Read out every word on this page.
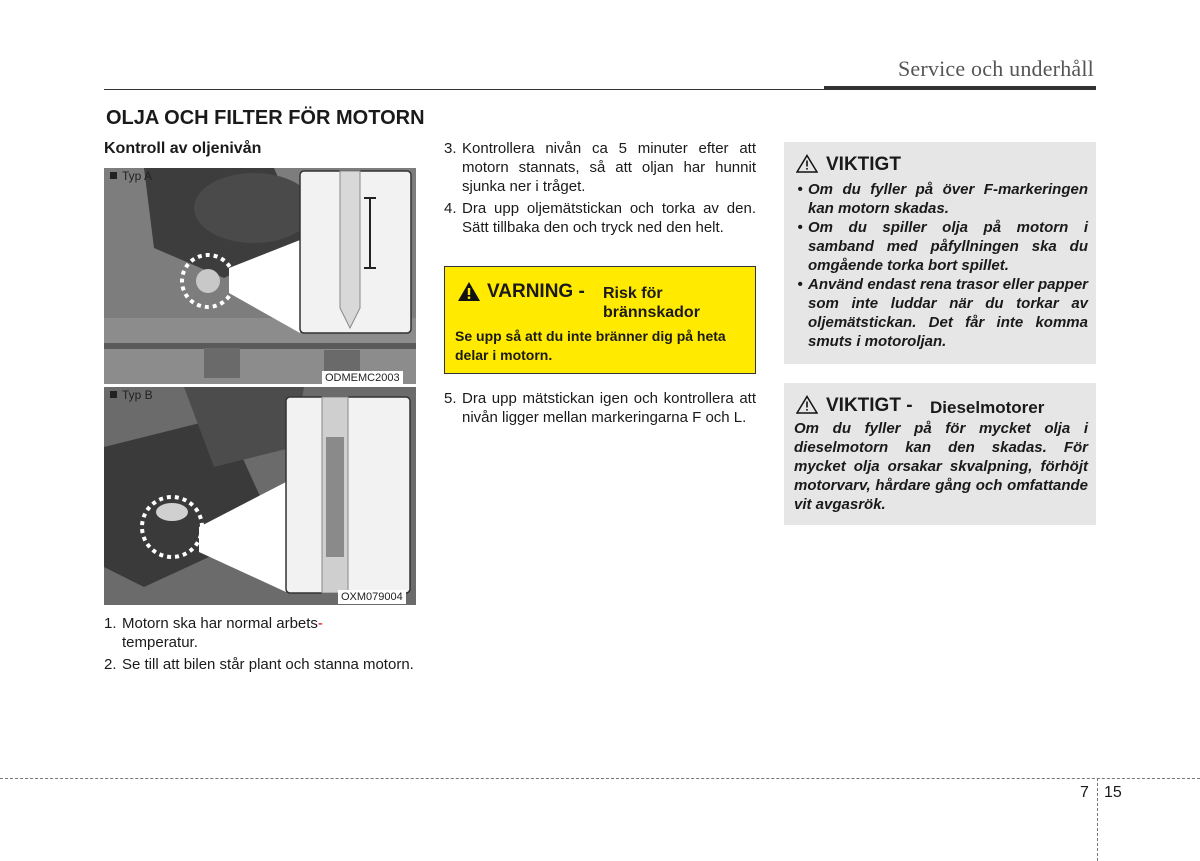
Service och underhåll
OLJA OCH FILTER FÖR MOTORN
Kontroll av oljenivån
Typ A
ODMEMC2003
Typ B
OXM079004
1. Motorn ska har normal arbets-
temperatur.
2. Se till att bilen står plant och stanna motorn.
3. Kontrollera nivån ca 5 minuter efter att motorn stannats, så att oljan har hunnit sjunka ner i tråget.
4. Dra upp oljemätstickan och torka av den. Sätt tillbaka den och tryck ned den helt.
5. Dra upp mätstickan igen och kontrollera att nivån ligger mellan markeringarna F och L.
VARNING - Risk för
brännskador
Se upp så att du inte bränner dig på heta delar i motorn.
VIKTIGT
• Om du fyller på över F-markeringen kan motorn skadas.
• Om du spiller olja på motorn i samband med påfyllningen ska du omgående torka bort spillet.
• Använd endast rena trasor eller papper som inte luddar när du torkar av oljemätstickan. Det får inte komma smuts i motoroljan.
VIKTIGT - Dieselmotorer
Om du fyller på för mycket olja i dieselmotorn kan den skadas. För mycket olja orsakar skvalpning, förhöjt motorvarv, hårdare gång och omfattande vit avgasrök.
7 15
